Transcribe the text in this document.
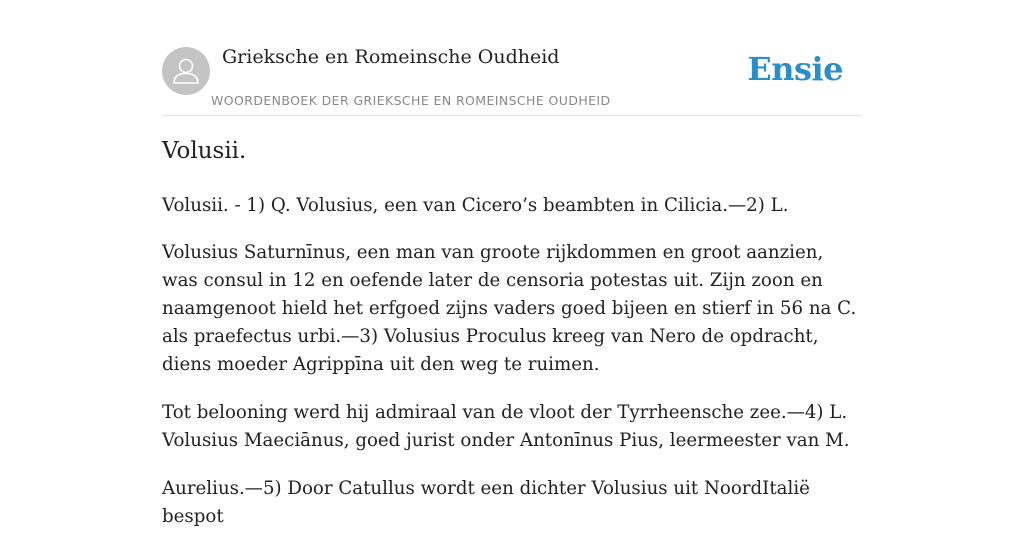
Grieksche en Romeinsche Oudheid
WOORDENBOEK DER GRIEKSCHE EN ROMEINSCHE OUDHEID
Ensie
Volusii.

Volusii. - 1) Q. Volusius, een van Cicero’s beambten in Cilicia.—2) L.

Volusius Saturnīnus, een man van groote rijkdommen en groot aanzien, was consul in 12 en oefende later de censoria potestas uit. Zijn zoon en naamgenoot hield het erfgoed zijns vaders goed bijeen en stierf in 56 na C. als praefectus urbi.—3) Volusius Proculus kreeg van Nero de opdracht, diens moeder Agrippīna uit den weg te ruimen.

Tot belooning werd hij admiraal van de vloot der Tyrrheensche zee.—4) L. Volusius Maeciānus, goed jurist onder Antonīnus Pius, leermeester van M.

Aurelius.—5) Door Catullus wordt een dichter Volusius uit NoordItalië bespot
